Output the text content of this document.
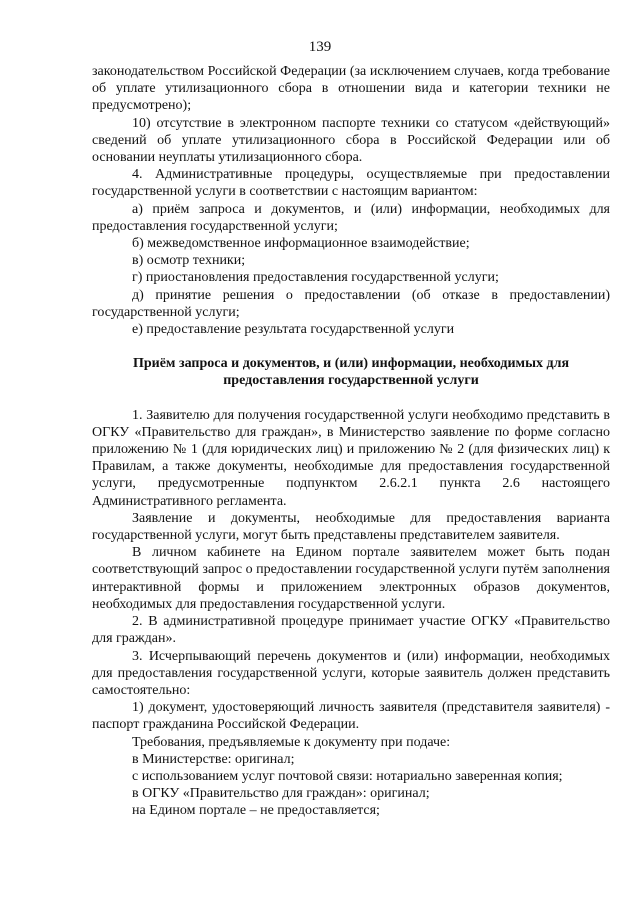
139

законодательством Российской Федерации (за исключением случаев, когда требование об уплате утилизационного сбора в отношении вида и категории техники не предусмотрено);

10) отсутствие в электронном паспорте техники со статусом «действующий» сведений об уплате утилизационного сбора в Российской Федерации или об основании неуплаты утилизационного сбора.

4. Административные процедуры, осуществляемые при предоставлении государственной услуги в соответствии с настоящим вариантом:

а) приём запроса и документов, и (или) информации, необходимых для предоставления государственной услуги;

б) межведомственное информационное взаимодействие;

в) осмотр техники;

г) приостановления предоставления государственной услуги;

д) принятие решения о предоставлении (об отказе в предоставлении) государственной услуги;

е) предоставление результата государственной услуги

Приём запроса и документов, и (или) информации, необходимых для предоставления государственной услуги

1. Заявителю для получения государственной услуги необходимо представить в ОГКУ «Правительство для граждан», в Министерство заявление по форме согласно приложению № 1 (для юридических лиц) и приложению № 2 (для физических лиц) к Правилам, а также документы, необходимые для предоставления государственной услуги, предусмотренные подпунктом 2.6.2.1 пункта 2.6 настоящего Административного регламента.

Заявление и документы, необходимые для предоставления варианта государственной услуги, могут быть представлены представителем заявителя.

В личном кабинете на Едином портале заявителем может быть подан соответствующий запрос о предоставлении государственной услуги путём заполнения интерактивной формы и приложением электронных образов документов, необходимых для предоставления государственной услуги.

2. В административной процедуре принимает участие ОГКУ «Правительство для граждан».

3. Исчерпывающий перечень документов и (или) информации, необходимых для предоставления государственной услуги, которые заявитель должен представить самостоятельно:

1) документ, удостоверяющий личность заявителя (представителя заявителя) - паспорт гражданина Российской Федерации.

Требования, предъявляемые к документу при подаче:

в Министерстве: оригинал;

с использованием услуг почтовой связи: нотариально заверенная копия;

в ОГКУ «Правительство для граждан»: оригинал;

на Едином портале – не предоставляется;
